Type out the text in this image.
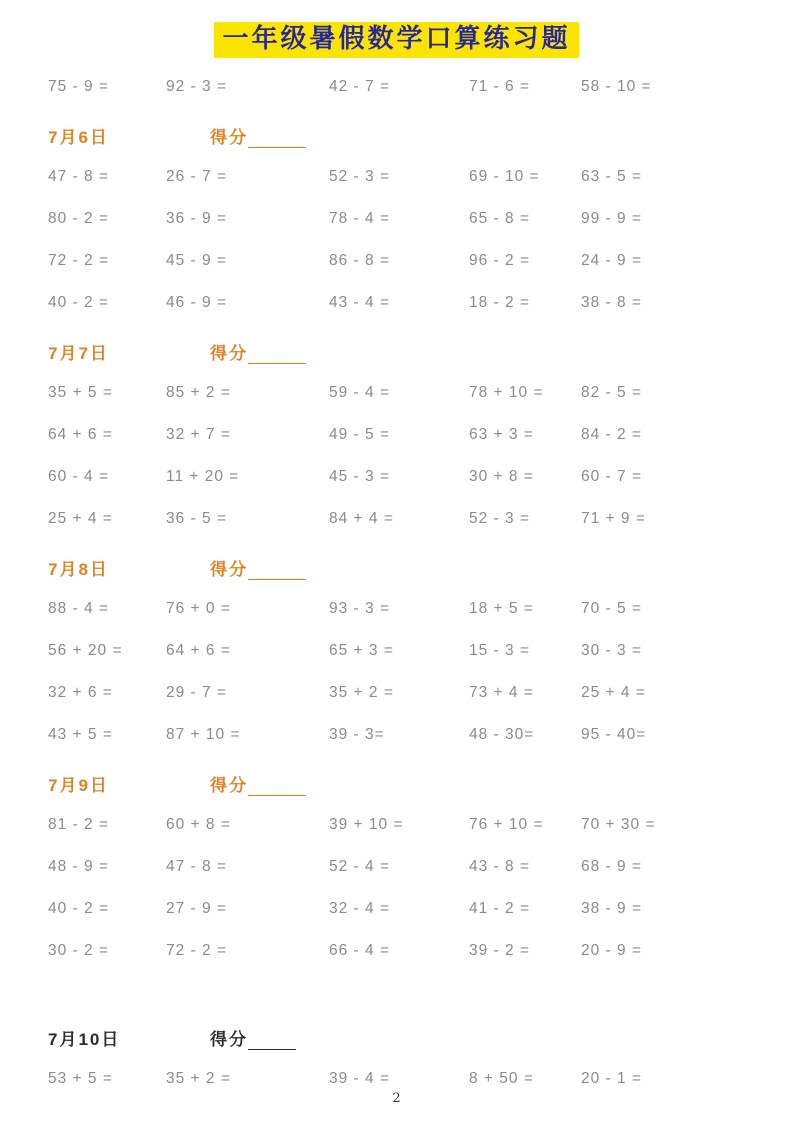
一年级暑假数学口算练习题
75 - 9 =	92 - 3 =	42 - 7 =	71 - 6 =	58 - 10 =
7月6日	得分
47 - 8 =	26 - 7 =	52 - 3 =	69 - 10 =	63 - 5 =
80 - 2 =	36 - 9 =	78 - 4 =	65 - 8 =	99 - 9 =
72 - 2 =	45 - 9 =	86 - 8 =	96 - 2 =	24 - 9 =
40 - 2 =	46 - 9 =	43 - 4 =	18 - 2 =	38 - 8 =
7月7日	得分
35 + 5 =	85 + 2 =	59 - 4 =	78 + 10 =	82 - 5 =
64 + 6 =	32 + 7 =	49 - 5 =	63 + 3 =	84 - 2 =
60 - 4 =	11 + 20 =	45 - 3 =	30 + 8 =	60 - 7 =
25 + 4 =	36 - 5 =	84 + 4 =	52 - 3 =	71 + 9 =
7月8日	得分
88 - 4 =	76 + 0 =	93 - 3 =	18 + 5 =	70 - 5 =
56 + 20 =	64 + 6 =	65 + 3 =	15 - 3 =	30 - 3 =
32 + 6 =	29 - 7 =	35 + 2 =	73 + 4 =	25 + 4 =
43 + 5 =	87 + 10 =	39 - 3=	48 - 30=	95 - 40=
7月9日	得分
81 - 2 =	60 + 8 =	39 + 10 =	76 + 10 =	70 + 30 =
48 - 9 =	47 - 8 =	52 - 4 =	43 - 8 =	68 - 9 =
40 - 2 =	27 - 9 =	32 - 4 =	41 - 2 =	38 - 9 =
30 - 2 =	72 - 2 =	66 - 4 =	39 - 2 =	20 - 9 =
7月10日	得分
53 + 5 =	35 + 2 =	39 - 4 =	8 + 50 =	20 - 1 =
2
